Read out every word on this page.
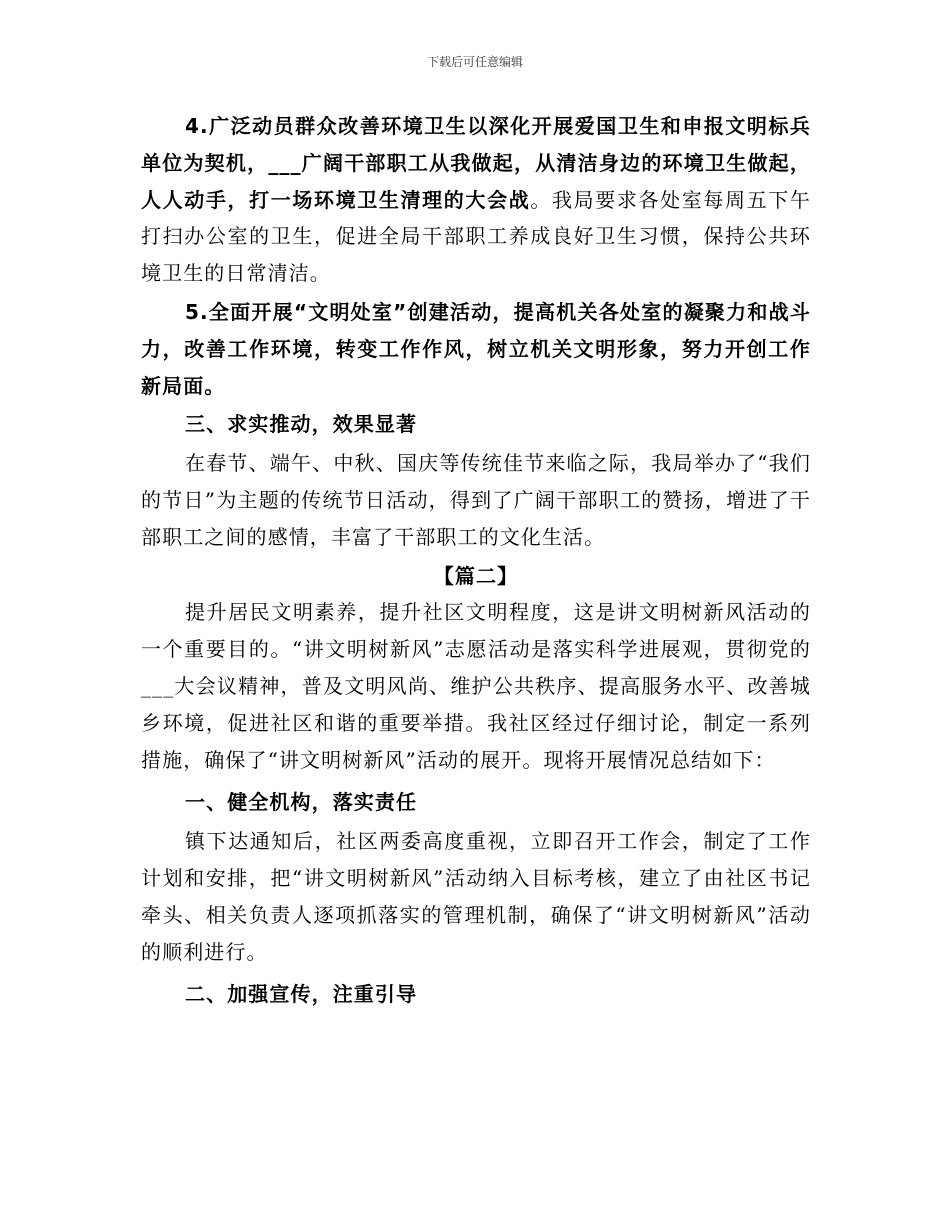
下载后可任意编辑

4.广泛动员群众改善环境卫生以深化开展爱国卫生和申报文明标兵单位为契机，___广阔干部职工从我做起，从清洁身边的环境卫生做起，人人动手，打一场环境卫生清理的大会战。我局要求各处室每周五下午打扫办公室的卫生，促进全局干部职工养成良好卫生习惯，保持公共环境卫生的日常清洁。

5.全面开展“文明处室”创建活动，提高机关各处室的凝聚力和战斗力，改善工作环境，转变工作作风，树立机关文明形象，努力开创工作新局面。

三、求实推动，效果显著

在春节、端午、中秋、国庆等传统佳节来临之际，我局举办了“我们的节日”为主题的传统节日活动，得到了广阔干部职工的赞扬，增进了干部职工之间的感情，丰富了干部职工的文化生活。

【篇二】

提升居民文明素养，提升社区文明程度，这是讲文明树新风活动的一个重要目的。“讲文明树新风”志愿活动是落实科学进展观，贯彻党的___大会议精神，普及文明风尚、维护公共秩序、提高服务水平、改善城乡环境，促进社区和谐的重要举措。我社区经过仔细讨论，制定一系列措施，确保了“讲文明树新风”活动的展开。现将开展情况总结如下：

一、健全机构，落实责任

镇下达通知后，社区两委高度重视，立即召开工作会，制定了工作计划和安排，把“讲文明树新风”活动纳入目标考核，建立了由社区书记牵头、相关负责人逐项抓落实的管理机制，确保了“讲文明树新风”活动的顺利进行。

二、加强宣传，注重引导
